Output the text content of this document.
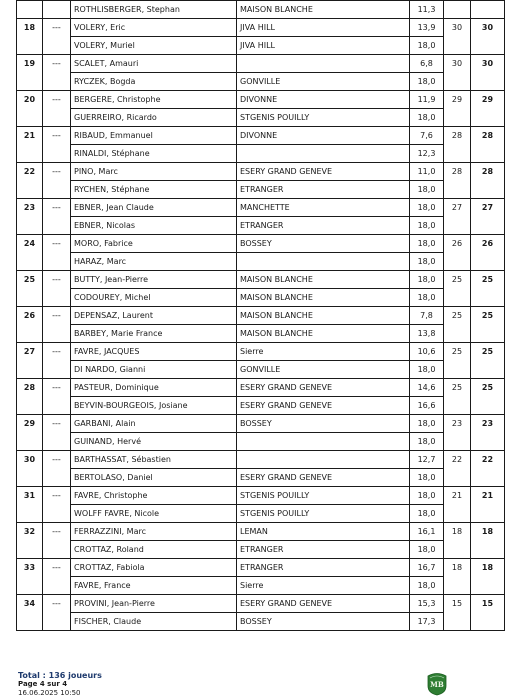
		ROTHLISBERGER, Stephan	MAISON BLANCHE	11,3		
18	---	VOLERY, Eric	JIVA HILL	13,9	30	30
		VOLERY, Muriel	JIVA HILL	18,0		
19	---	SCALET, Amauri		6,8	30	30
		RYCZEK, Bogda	GONVILLE	18,0		
20	---	BERGERE, Christophe	DIVONNE	11,9	29	29
		GUERREIRO, Ricardo	STGENIS POUILLY	18,0		
21	---	RIBAUD, Emmanuel	DIVONNE	7,6	28	28
		RINALDI, Stéphane		12,3		
22	---	PINO, Marc	ESERY GRAND GENEVE	11,0	28	28
		RYCHEN, Stéphane	ETRANGER	18,0		
23	---	EBNER, Jean Claude	MANCHETTE	18,0	27	27
		EBNER, Nicolas	ETRANGER	18,0		
24	---	MORO, Fabrice	BOSSEY	18,0	26	26
		HARAZ, Marc		18,0		
25	---	BUTTY, Jean-Pierre	MAISON BLANCHE	18,0	25	25
		CODOUREY, Michel	MAISON BLANCHE	18,0		
26	---	DEPENSAZ, Laurent	MAISON BLANCHE	7,8	25	25
		BARBEY, Marie France	MAISON BLANCHE	13,8		
27	---	FAVRE, JACQUES	Sierre	10,6	25	25
		DI NARDO, Gianni	GONVILLE	18,0		
28	---	PASTEUR, Dominique	ESERY GRAND GENEVE	14,6	25	25
		BEYVIN-BOURGEOIS, Josiane	ESERY GRAND GENEVE	16,6		
29	---	GARBANI, Alain	BOSSEY	18,0	23	23
		GUINAND, Hervé		18,0		
30	---	BARTHASSAT, Sébastien		12,7	22	22
		BERTOLASO, Daniel	ESERY GRAND GENEVE	18,0		
31	---	FAVRE, Christophe	STGENIS POUILLY	18,0	21	21
		WOLFF FAVRE, Nicole	STGENIS POUILLY	18,0		
32	---	FERRAZZINI, Marc	LEMAN	16,1	18	18
		CROTTAZ, Roland	ETRANGER	18,0		
33	---	CROTTAZ, Fabiola	ETRANGER	16,7	18	18
		FAVRE, France	Sierre	18,0		
34	---	PROVINI, Jean-Pierre	ESERY GRAND GENEVE	15,3	15	15
		FISCHER, Claude	BOSSEY	17,3		
Total : 136 joueurs
Page 4 sur 4
16.06.2025 10:50
MB
